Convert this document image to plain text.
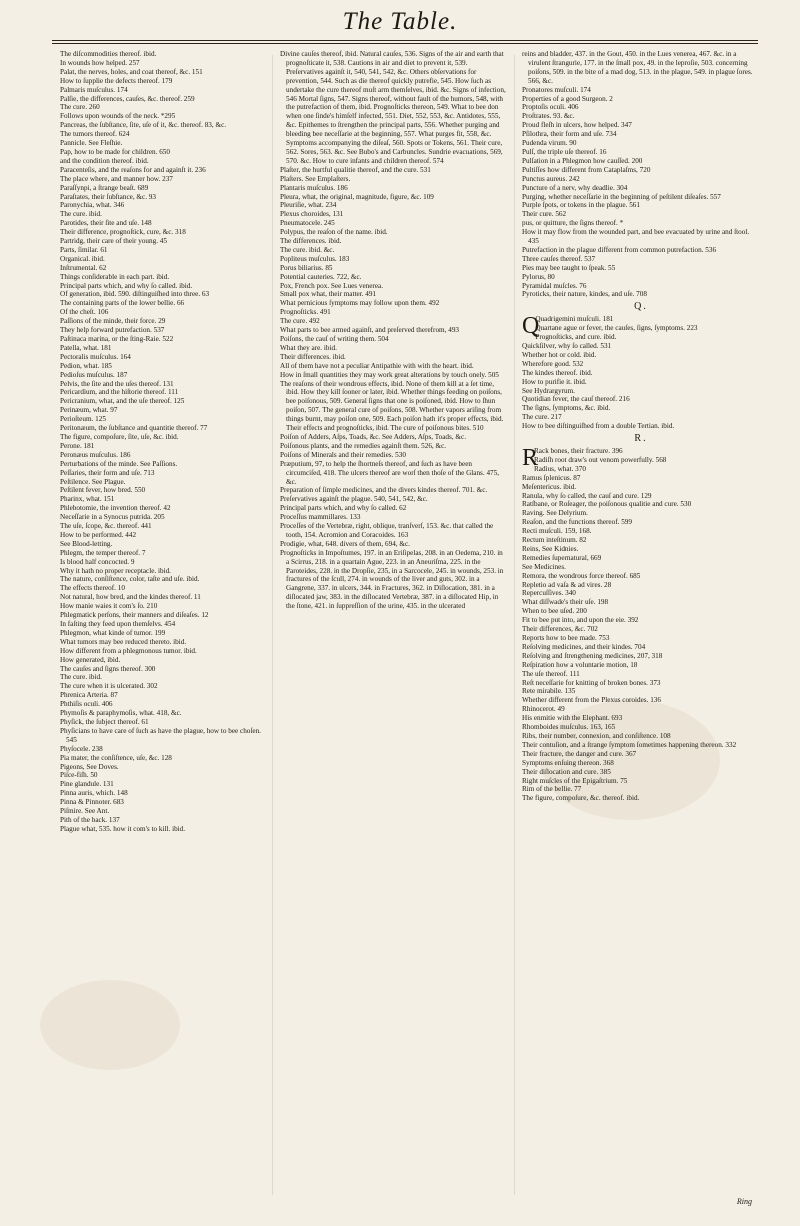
The Table.

The diſcommodities thereof. ibid.

In wounds how helped. 257

Palat, the nerves, holes, and coat thereof, &c. 151

How to ſupplie the defects thereof. 179

Palmaris muſculus. 174

Palſie, the differences, cauſes, &c. thereof. 259

The cure. 260

Follows upon wounds of the neck. *295

Pancreas, the ſubſtance, ſite, uſe of it, &c. thereof. 83, &c.

The tumors thereof. 624

Pannicle. See Fleſhie.

Pap, how to be made for children. 650

and the condition thereof. ibid.

Paracenteſis, and the reaſons for and againſt it. 236

The place where, and manner how. 237

Paraſſynpi, a ſtrange beaſt. 689

Paraſtates, their ſubſtance, &c. 93

Paronychia, what. 346

The cure. ibid.

Parotides, their ſite and uſe. 148

Their difference, prognoſtick, cure, &c. 318

Partridg, their care of their young. 45

Parts, ſimilar. 61

Organical. ibid.

Inſtrumental. 62

Things conſiderable in each part. ibid.

Principal parts which, and why ſo called. ibid.

Of generation, ibid. 590. diſtinguiſhed into three. 63

The containing parts of the lower bellie. 66

Of the cheſt. 106

Paſſions of the minde, their force. 29

They help forward putrefaction. 537

Paſtinaca marina, or the ſting-Raie. 522

Patella, what. 181

Pectoralis muſculus. 164

Pedion, what. 185

Pedioſus muſculus. 187

Pelvis, the ſite and the uſes thereof. 131

Pericardium, and the hiſtorie thereof. 111

Pericranium, what, and the uſe thereof. 125

Perinæum, what. 97

Perioſteum. 125

Peritonæum, the ſubſtance and quantitie thereof. 77

The figure, compoſure, ſite, uſe, &c. ibid.

Perone. 181

Peronæus muſculus. 186

Perturbations of the minde. See Paſſions.

Peſſaries, their form and uſe. 713

Peſtilence. See Plague.

Peſtilent fever, how bred. 550

Pharinx, what. 151

Phlebotomie, the invention thereof. 42

Neceſſarie in a Synocus putrida. 205

The uſe, ſcope, &c. thereof. 441

How to be performed. 442

See Blood-letting.

Phlegm, the temper thereof. 7

Is blood half concocted. 9

Why it hath no proper receptacle. ibid.

The nature, conſiſtence, color, taſte and uſe. ibid.

The effects thereof. 10

Not natural, how bred, and the kindes thereof. 11

How manie waies it com's ſo. 210

Phlegmatick perſons, their manners and diſeaſes. 12

In faſting they feed upon themſelvs. 454

Phlegmon, what kinde of tumor. 199

What tumors may bee reduced thereto. ibid.

How different from a phlegmonous tumor. ibid.

How generated, ibid.

The cauſes and ſigns thereof. 300

The cure. ibid.

The cure when it is ulcerated. 302

Phrenica Arteria. 87

Phthiſis oculi. 406

Phymoſis & paraphymoſis, what. 418, &c.

Phyſick, the ſubject thereof. 61

Phyſicians to have care of ſuch as have the plague, how to bee choſen. 545

Phyſocele. 238

Pia mater, the conſiſtence, uſe, &c. 128

Pigeons, See Doves.

Piſce-fiſh. 50

Pine glandule. 131

Pinna auris, which. 148

Pinna & Pinnoter. 683

Piſmire. See Ant.

Pith of the back. 137

Plague what, 535. how it com's to kill. ibid.

Divine cauſes thereof, ibid. Natural cauſes, 536. Signs of the air and earth that prognoſticate it, 538. Cautions in air and diet to prevent it, 539. Preſervatives againſt it, 540, 541, 542, &c. Others obſervations for prevention, 544. Such as die thereof quickly putrefie, 545. How ſuch as undertake the cure thereof muſt arm themſelves, ibid. &c. Signs of infection, 546 Mortal ſigns, 547. Signs thereof, without fault of the humors, 548, with the putrefaction of them, ibid. Prognoſticks thereon, 549. What to bee don when one ſinde's himſelf infected, 551. Diet, 552, 553, &c. Antidotes, 555, &c. Epithemes to ſtrengthen the principal parts, 556. Whether purging and bleeding bee neceſſarie at the beginning, 557. What purges fit, 558, &c. Symptoms accompanying the diſeaſ, 560. Spots or Tokens, 561. Their cure, 562. Sores, 563. &c. See Bubo's and Carbuncles. Sundrie evacuations, 569, 570. &c. How to cure infants and children thereof. 574

Plaſter, the hurtful qualitie thereof, and the cure. 531

Plaſters. See Emplaſters.

Plantaris muſculus. 186

Pleura, what, the original, magnitude, figure, &c. 109

Pleuriſie, what. 234

Plexus choroides, 131

Pneumatocele. 245

Polypus, the reaſon of the name. ibid.

The differences. ibid.

The cure. ibid. &c.

Popliteus muſculus. 183

Porus biliarius. 85

Potential cauteries. 722, &c.

Pox, French pox. See Lues venerea.

Small pox what, their matter. 491

What pernicious ſymptoms may follow upon them. 492

Prognoſticks. 491

The cure. 492

What parts to bee armed againſt, and preſerved therefrom, 493

Poiſons, the cauſ of writing them. 504

What they are. ibid.

Their differences. ibid.

All of them have not a peculiar Antipathie with with the heart. ibid.

How in ſmall quantities they may work great alterations by touch onely. 505

The reaſons of their wondrous effects, ibid. None of them kill at a ſet time, ibid. How they kill ſooner or later, ibid. Whether things feeding on poiſons, bee poiſonous, 509. General ſigns that one is poiſoned, ibid. How to ſhun poiſon, 507. The general cure of poiſons, 508. Whether vapors ariſing from things burnt, may poiſon one, 509. Each poiſon hath it's proper effects, ibid. Their effects and prognoſticks, ibid. The cure of poiſonous bites. 510

Poiſon of Adders, Aſps, Toads, &c. See Adders, Aſps, Toads, &c.

Poiſonous plants, and the remedies againſt them. 526, &c.

Poiſons of Minerals and their remedies. 530

Præputium, 97, to help the ſhortneſs thereof, and ſuch as have been circumciſed, 418. The ulcers thereof are worſ then thoſe of the Glans. 475, &c.

Preparation of ſimple medicines, and the divers kindes thereof. 701. &c.

Preſervatives againſt the plague. 540, 541, 542, &c.

Principal parts which, and why ſo called. 62

Proceſſus mammillares. 133

Proceſſes of the Vertebræ, right, oblique, tranſverſ, 153. &c. that called the tooth, 154. Acromion and Coracoides. 163

Prodigie, what, 648. divers of them, 694, &c.

Prognoſticks in Impoſtumes, 197. in an Eriſipelas, 208. in an Oedema, 210. in a Scirrus, 218. in a quartain Ague, 223. in an Aneuriſma, 225. in the Paroteides, 228. in the Dropſie, 235, in a Sarcocele, 245. in wounds, 253. in fractures of the ſcull, 274. in wounds of the liver and guts, 302. in a Gangrene, 337. in ulcers, 344. in Fractures, 362. in Diſlocation, 381. in a diſlocated jaw, 383. in the diſlocated Vertebræ, 387. in a diſlocated Hip, in the ſtone, 421. in ſuppreſſion of the urine, 435. in the ulcerated

reins and bladder, 437. in the Gout, 450. in the Lues venerea, 467. &c. in a virulent ſtrangurie, 177. in the ſmall pox, 49. in the leproſie, 503. concerning poiſons, 509. in the bite of a mad dog, 513. in the plague, 549. in plague ſores. 566, &c.

Pronatores muſculi. 174

Properties of a good Surgeon. 2

Proptoſis oculi. 406

Proſtrates. 93. &c.

Proud fleſh in ulcers, how helped. 347

Pſilothra, their form and uſe. 734

Pudenda virum. 90

Pulſ, the triple uſe thereof. 16

Pulſation in a Phlegmon how cauſſed. 200

Pultiſſes how different from Cataplaſms, 720

Punctus aureus. 242

Puncture of a nerv, why deadlie. 304

Purging, whether neceſſarie in the beginning of peſtilent diſeaſes. 557

Purple ſpots, or tokens in the plague. 561

Their cure. 562

pus, or quitture, the ſigns thereof. *

How it may flow from the wounded part, and bee evacuated by urine and ſtool. 435

Putrefaction in the plague different from common putrefaction. 536

Three cauſes thereof. 537

Pies may bee taught to ſpeak. 55

Pylorus, 80

Pyramidal muſcles. 76

Pyroticks, their nature, kindes, and uſe. 708

Q.

Q
Quadrigemini muſculi. 181

Quartane ague or fever, the cauſes, ſigns, ſymptoms. 223

Prognoſticks, and cure. ibid.

Quickſilver, why ſo called. 531

Whether hot or cold. ibid.

Wherefore good. 532

The kindes thereof. ibid.

How to purifie it. ibid.

See Hydrargyrum.

Quotidian fever, the cauſ thereof. 216

The ſigns, ſymptoms, &c. ibid.

The cure. 217

How to bee diſtinguiſhed from a double Tertian. ibid.

R.

R
Rack bones, their fracture. 396

Radiſh root draw's out venom powerfully. 568

Radius, what. 370

Ramus ſplenicus. 87

Meſentericus. ibid.

Ranula, why ſo called, the cauſ and cure. 129

Ratſbane, or Roſeager, the poiſonous qualitie and cure. 530

Raving. See Delyrium.

Reaſon, and the functions thereof. 599

Recti muſculi. 159, 168.

Rectum inteſtinum. 82

Reins, See Kidnies.

Remedies ſupernatural, 669

See Medicines.

Remora, the wondrous force thereof. 685

Repletio ad vaſa & ad vires. 28

Repercuſſives. 340

What diſſwade's their uſe. 198

When to bee uſed. 200

Fit to bee put into, and upon the eie. 392

Their differences, &c. 702

Reports how to bee made. 753

Reſolving medicines, and their kindes. 704

Reſolving and ſtrengthening medicines, 207, 318

Reſpiration how a voluntarie motion, 18

The uſe thereof. 111

Reſt neceſſarie for knitting of broken bones. 373

Rete mirabile. 135

Whether different from the Plexus coroides. 136

Rhinocerot. 49

His enmitie with the Elephant. 693

Rhomboides muſculus. 163, 165

Ribs, their number, connexion, and conſiſtence. 108

Their contuſion, and a ſtrange ſymptom ſometimes happening thereon. 332

Their fracture, the danger and cure. 367

Symptoms enſuing thereon. 368

Their diſlocation and cure. 385

Right muſcles of the Epigaſtrium. 75

Rim of the bellie. 77

The figure, compoſure, &c. thereof. ibid.

Ring
